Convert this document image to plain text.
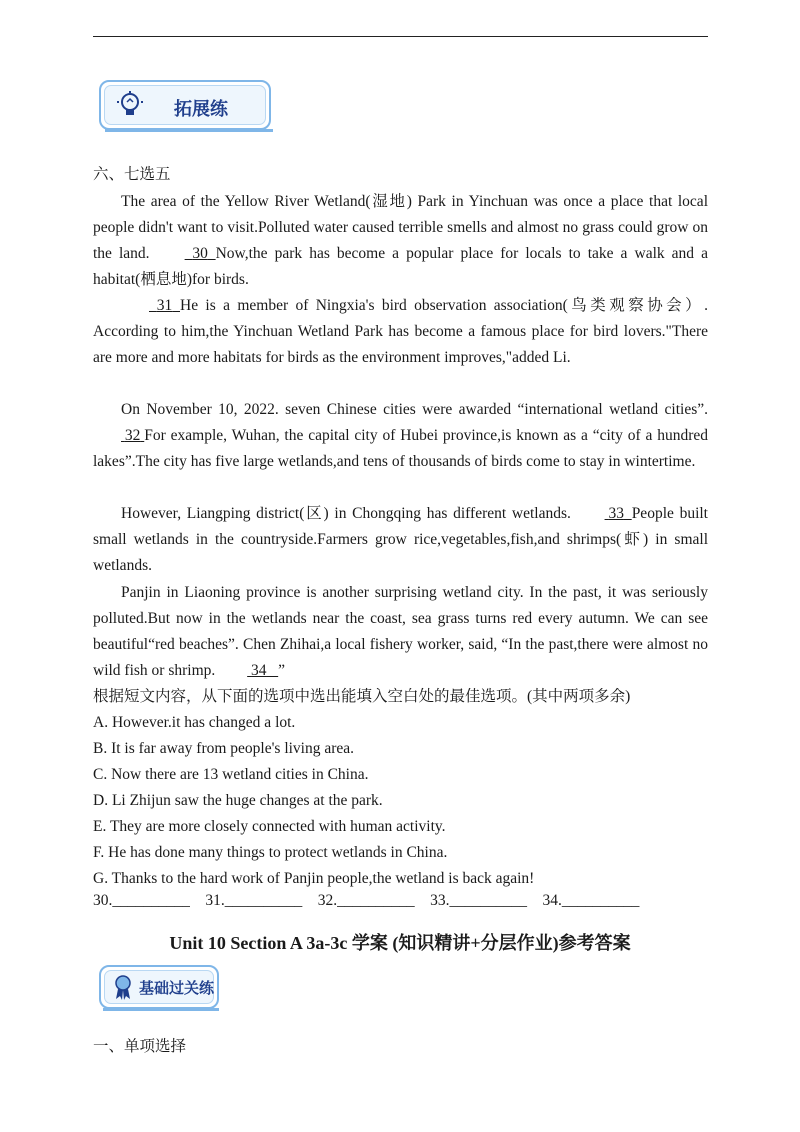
拓展练
六、七选五

The area of the Yellow River Wetland(湿地) Park in Yinchuan was once a place that local people didn't want to visit.Polluted water caused terrible smells and almost no grass could grow on the land.   30 Now,the park has become a popular place for locals to take a walk and a habitat(栖息地)for birds.

31 He is a member of Ningxia's bird observation association(鸟类观察协会）. According to him,the Yinchuan Wetland Park has become a famous place for bird lovers."There are more and more habitats for birds as the environment improves,"added Li.

On November 10, 2022. seven Chinese cities were awarded “international wetland cities”.  32 For example, Wuhan, the capital city of Hubei province,is known as a “city of a hundred lakes”.The city has five large wetlands,and tens of thousands of birds come to stay in wintertime.

However, Liangping district(区) in Chongqing has different wetlands.  33 People built small wetlands in the countryside.Farmers grow rice,vegetables,fish,and shrimps(虾) in small wetlands.

Panjin in Liaoning province is another surprising wetland city. In the past, it was seriously polluted.But now in the wetlands near the coast, sea grass turns red every autumn. We can see beautiful“red beaches”. Chen Zhihai,a local fishery worker, said, “In the past,there were almost no wild fish or shrimp.  34 ”

根据短文内容，从下面的选项中选出能填入空白处的最佳选项。(其中两项多余)
A. However.it has changed a lot.
B. It is far away from people's living area.
C. Now there are 13 wetland cities in China.
D. Li Zhijun saw the huge changes at the park.
E. They are more closely connected with human activity.
F. He has done many things to protect wetlands in China.
G. Thanks to the hard work of Panjin people,the wetland is back again!
30.__________    31.__________    32.__________    33.__________    34.__________
Unit 10 Section A 3a-3c 学案 (知识精讲+分层作业)参考答案
基础过关练
一、单项选择
